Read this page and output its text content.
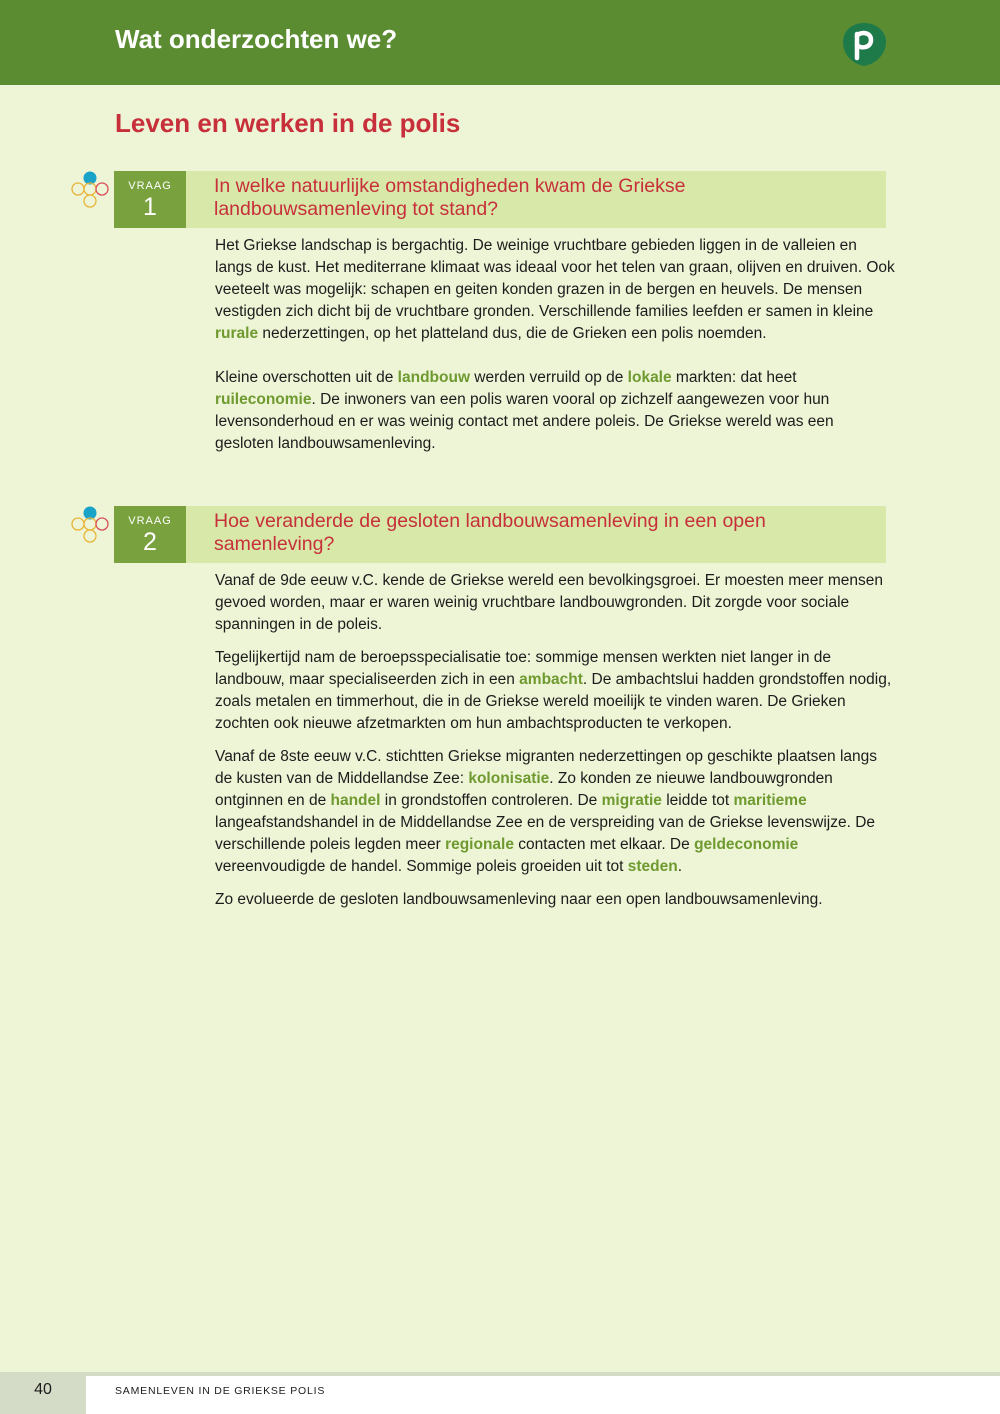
Wat onderzochten we?
Leven en werken in de polis
VRAAG
1
In welke natuurlijke omstandigheden kwam de Griekse landbouwsamenleving tot stand?

Het Griekse landschap is bergachtig. De weinige vruchtbare gebieden liggen in de valleien en langs de kust. Het mediterrane klimaat was ideaal voor het telen van graan, olijven en druiven. Ook veeteelt was mogelijk: schapen en geiten konden grazen in de bergen en heuvels. De mensen vestigden zich dicht bij de vruchtbare gronden. Verschillende families leefden er samen in kleine rurale nederzettingen, op het platteland dus, die de Grieken een polis noemden.

Kleine overschotten uit de landbouw werden verruild op de lokale markten: dat heet ruileconomie. De inwoners van een polis waren vooral op zichzelf aangewezen voor hun levensonderhoud en er was weinig contact met andere poleis. De Griekse wereld was een gesloten landbouwsamenleving.

VRAAG
2
Hoe veranderde de gesloten landbouwsamenleving in een open samenleving?

Vanaf de 9de eeuw v.C. kende de Griekse wereld een bevolkingsgroei. Er moesten meer mensen gevoed worden, maar er waren weinig vruchtbare landbouwgronden. Dit zorgde voor sociale spanningen in de poleis.

Tegelijkertijd nam de beroepsspecialisatie toe: sommige mensen werkten niet langer in de landbouw, maar specialiseerden zich in een ambacht. De ambachtslui hadden grondstoffen nodig, zoals metalen en timmerhout, die in de Griekse wereld moeilijk te vinden waren. De Grieken zochten ook nieuwe afzetmarkten om hun ambachtsproducten te verkopen.

Vanaf de 8ste eeuw v.C. stichtten Griekse migranten nederzettingen op geschikte plaatsen langs de kusten van de Middellandse Zee: kolonisatie. Zo konden ze nieuwe landbouwgronden ontginnen en de handel in grondstoffen controleren. De migratie leidde tot maritieme langeafstandshandel in de Middellandse Zee en de verspreiding van de Griekse levenswijze. De verschillende poleis legden meer regionale contacten met elkaar. De geldeconomie vereenvoudigde de handel. Sommige poleis groeiden uit tot steden.

Zo evolueerde de gesloten landbouwsamenleving naar een open landbouwsamenleving.

40	SAMENLEVEN IN DE GRIEKSE POLIS
